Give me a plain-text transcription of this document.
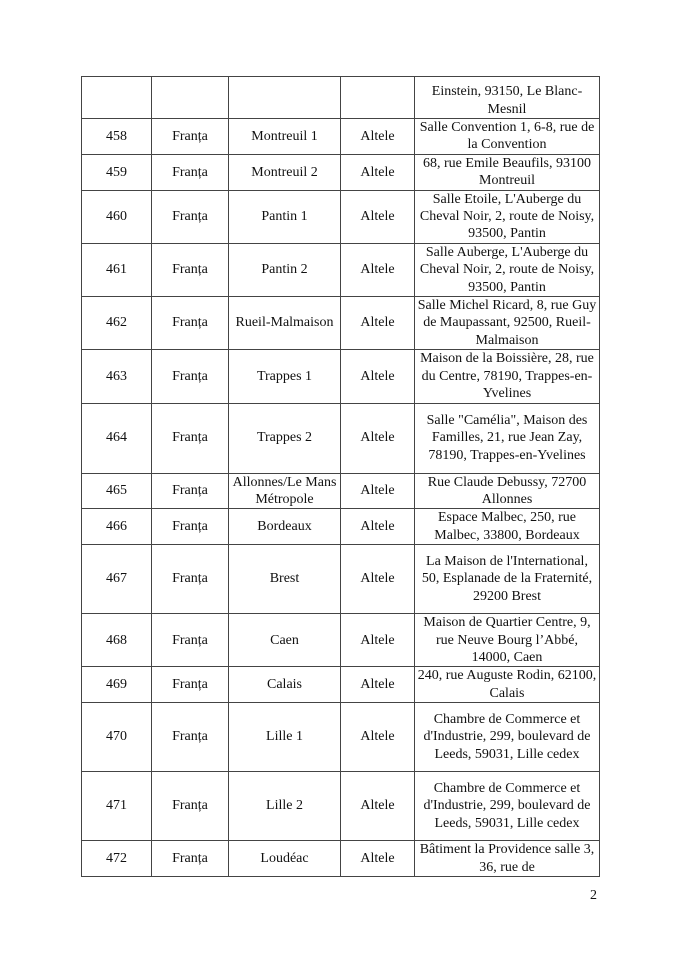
				Einstein, 93150, Le Blanc-Mesnil
458	Franța	Montreuil 1	Altele	Salle Convention 1, 6-8, rue de la Convention
459	Franța	Montreuil 2	Altele	68, rue Emile Beaufils, 93100 Montreuil
460	Franța	Pantin 1	Altele	Salle Etoile, L'Auberge du Cheval Noir, 2, route de Noisy, 93500, Pantin
461	Franța	Pantin 2	Altele	Salle Auberge, L'Auberge du Cheval Noir, 2, route de Noisy, 93500, Pantin
462	Franța	Rueil-Malmaison	Altele	Salle Michel Ricard, 8, rue Guy de Maupassant, 92500, Rueil-Malmaison
463	Franța	Trappes 1	Altele	Maison de la Boissière, 28, rue du Centre, 78190, Trappes-en-Yvelines
464	Franța	Trappes 2	Altele	Salle "Camélia", Maison des Familles, 21, rue Jean Zay, 78190, Trappes-en-Yvelines
465	Franța	Allonnes/Le Mans Métropole	Altele	Rue Claude Debussy, 72700 Allonnes
466	Franța	Bordeaux	Altele	Espace Malbec, 250, rue Malbec, 33800, Bordeaux
467	Franța	Brest	Altele	La Maison de l'International, 50, Esplanade de la Fraternité, 29200 Brest
468	Franța	Caen	Altele	Maison de Quartier Centre, 9, rue Neuve Bourg l’Abbé, 14000, Caen
469	Franța	Calais	Altele	240, rue Auguste Rodin, 62100, Calais
470	Franța	Lille 1	Altele	Chambre de Commerce et d'Industrie, 299, boulevard de Leeds, 59031, Lille cedex
471	Franța	Lille 2	Altele	Chambre de Commerce et d'Industrie, 299, boulevard de Leeds, 59031, Lille cedex
472	Franța	Loudéac	Altele	Bâtiment la Providence salle 3, 36, rue de
2
